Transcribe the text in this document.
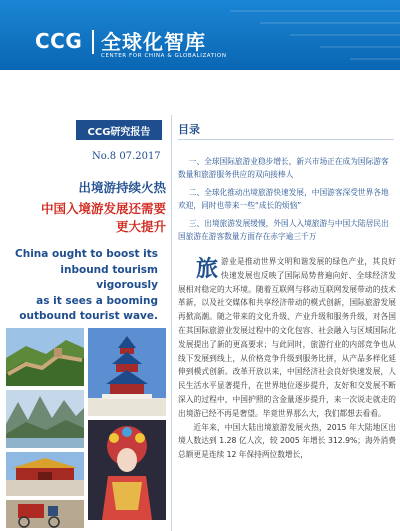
CCG 全球化智库
CENTER FOR CHINA & GLOBALIZATION
CCG研究报告
No.8 07.2017
出境游持续火热
中国入境游发展还需要
更大提升
China ought to boost its
inbound tourism vigorously
as it sees a booming
outbound tourist wave.
目录

一、全球国际旅游业稳步增长，新兴市场正在成为国际游客数量和旅游服务供应的双向接棒人

二、全球化推动出境旅游快速发展，中国游客深受世界各地欢迎，同时也带来一些“成长的烦恼”

三、出境旅游发展缓慢，外国人入境旅游与中国大陆居民出国旅游在游客数量方面存在赤字逾三千万

旅游业是推动世界文明和谐发展的绿色产业，其良好快速发展也反映了国际局势普遍向好、全球经济发展相对稳定的大环境。随着互联网与移动互联网发展带动的技术革新，以及社交媒体和共享经济带动的模式创新，国际旅游发展再掀高潮。随之带来的文化升级、产业升级和服务升级，对各国在其国际旅游业发展过程中的文化包容、社会融入与区域国际化发展提出了新的更高要求；与此同时，旅游行业的内部竞争也从线下发展到线上，从价格竞争升级到服务比拼，从产品多样化延伸到模式创新。改革开放以来，中国经济社会良好快速发展，人民生活水平显著提升，在世界地位逐步提升，友好和交发展不断深入的过程中，中国护照的含金量逐步提升，来一次说走就走的出境游已经不再是奢望。毕竟世界那么大，我们都想去看看。

近年来，中国大陆出境旅游发展火热，2015 年大陆地区出境人数达到 1.28 亿人次，较 2005 年增长 312.9%；海外消费总额更是连续 12 年保持两位数增长，
